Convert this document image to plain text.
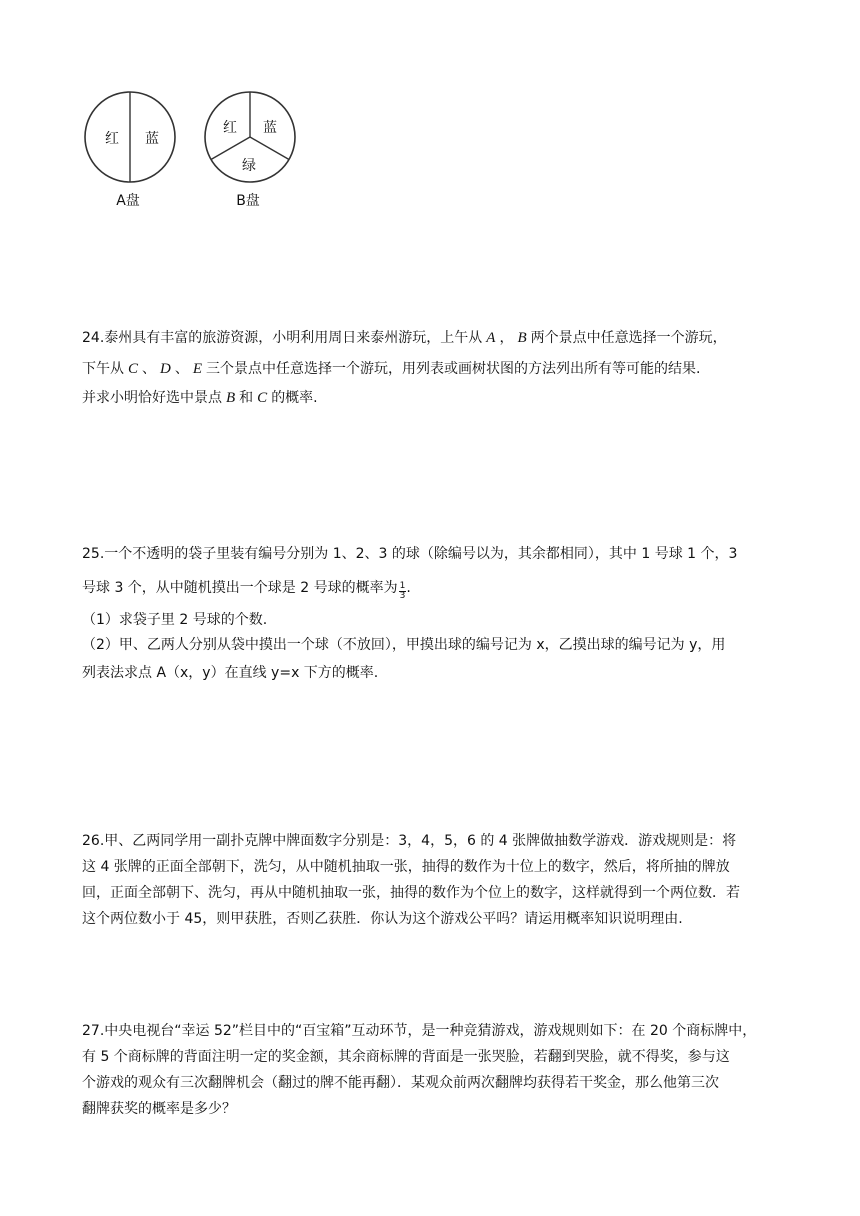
红 蓝
A盘
红 蓝
绿
B盘
24.泰州具有丰富的旅游资源，小明利用周日来泰州游玩，上午从 A ， B 两个景点中任意选择一个游玩，
下午从 C 、 D 、 E 三个景点中任意选择一个游玩，用列表或画树状图的方法列出所有等可能的结果.
并求小明恰好选中景点 B 和 C 的概率.
25.一个不透明的袋子里装有编号分别为 1、2、3 的球（除编号以为，其余都相同），其中 1 号球 1 个，3
号球 3 个，从中随机摸出一个球是 2 号球的概率为 $\frac{1}{3}$ .
（1）求袋子里 2 号球的个数.
（2）甲、乙两人分别从袋中摸出一个球（不放回），甲摸出球的编号记为 x，乙摸出球的编号记为 y，用
列表法求点 A（x，y）在直线 y=x 下方的概率.
26.甲、乙两同学用一副扑克牌中牌面数字分别是：3，4，5，6 的 4 张牌做抽数学游戏．游戏规则是：将
这 4 张牌的正面全部朝下，洗匀，从中随机抽取一张，抽得的数作为十位上的数字，然后，将所抽的牌放
回，正面全部朝下、洗匀，再从中随机抽取一张，抽得的数作为个位上的数字，这样就得到一个两位数．若
这个两位数小于 45，则甲获胜，否则乙获胜．你认为这个游戏公平吗？请运用概率知识说明理由.
27.中央电视台“幸运 52”栏目中的“百宝箱”互动环节，是一种竞猜游戏，游戏规则如下：在 20 个商标牌中，
有 5 个商标牌的背面注明一定的奖金额，其余商标牌的背面是一张哭脸，若翻到哭脸，就不得奖，参与这
个游戏的观众有三次翻牌机会（翻过的牌不能再翻）．某观众前两次翻牌均获得若干奖金，那么他第三次
翻牌获奖的概率是多少？
